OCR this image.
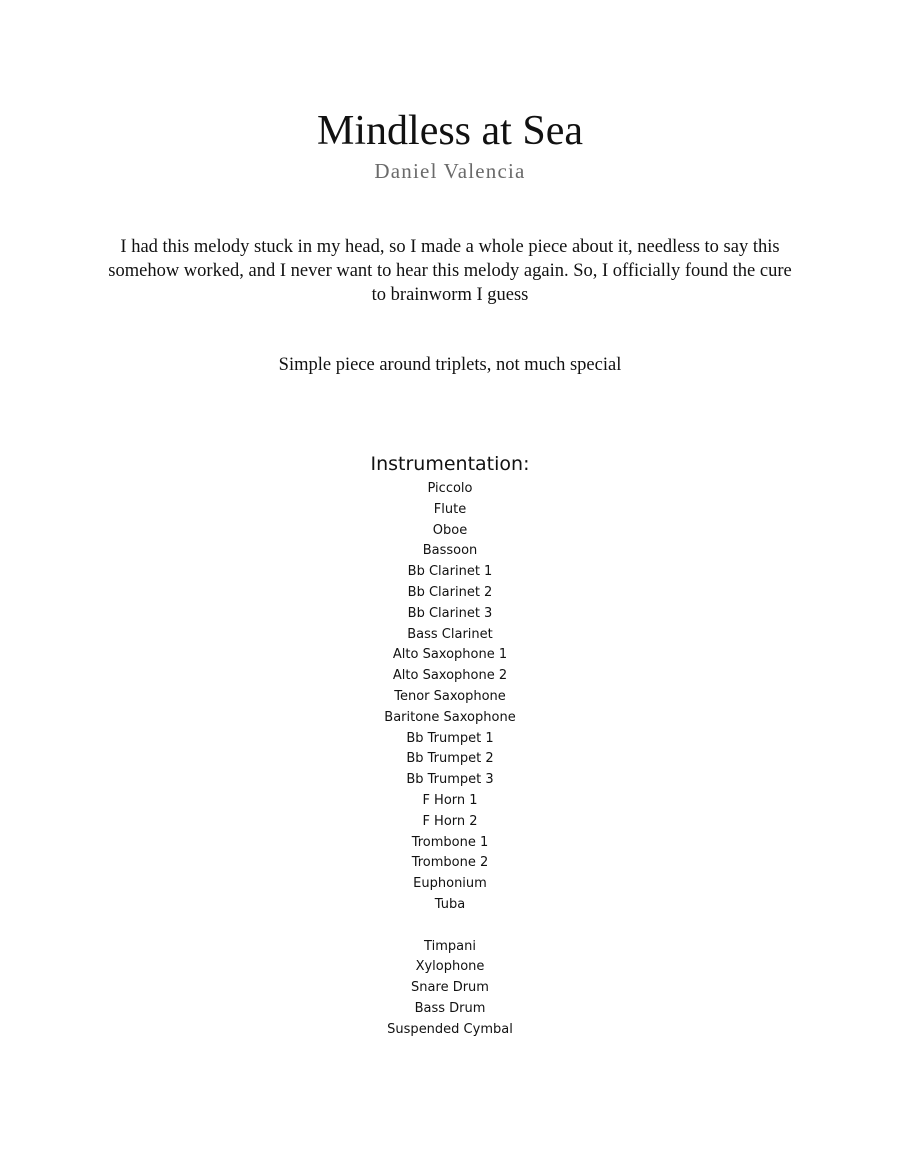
Mindless at Sea
Daniel Valencia

I had this melody stuck in my head, so I made a whole piece about it, needless to say this somehow worked, and I never want to hear this melody again. So, I officially found the cure to brainworm I guess

Simple piece around triplets, not much special

Instrumentation:
Piccolo
Flute
Oboe
Bassoon
Bb Clarinet 1
Bb Clarinet 2
Bb Clarinet 3
Bass Clarinet
Alto Saxophone 1
Alto Saxophone 2
Tenor Saxophone
Baritone Saxophone
Bb Trumpet 1
Bb Trumpet 2
Bb Trumpet 3
F Horn 1
F Horn 2
Trombone 1
Trombone 2
Euphonium
Tuba
Timpani
Xylophone
Snare Drum
Bass Drum
Suspended Cymbal
